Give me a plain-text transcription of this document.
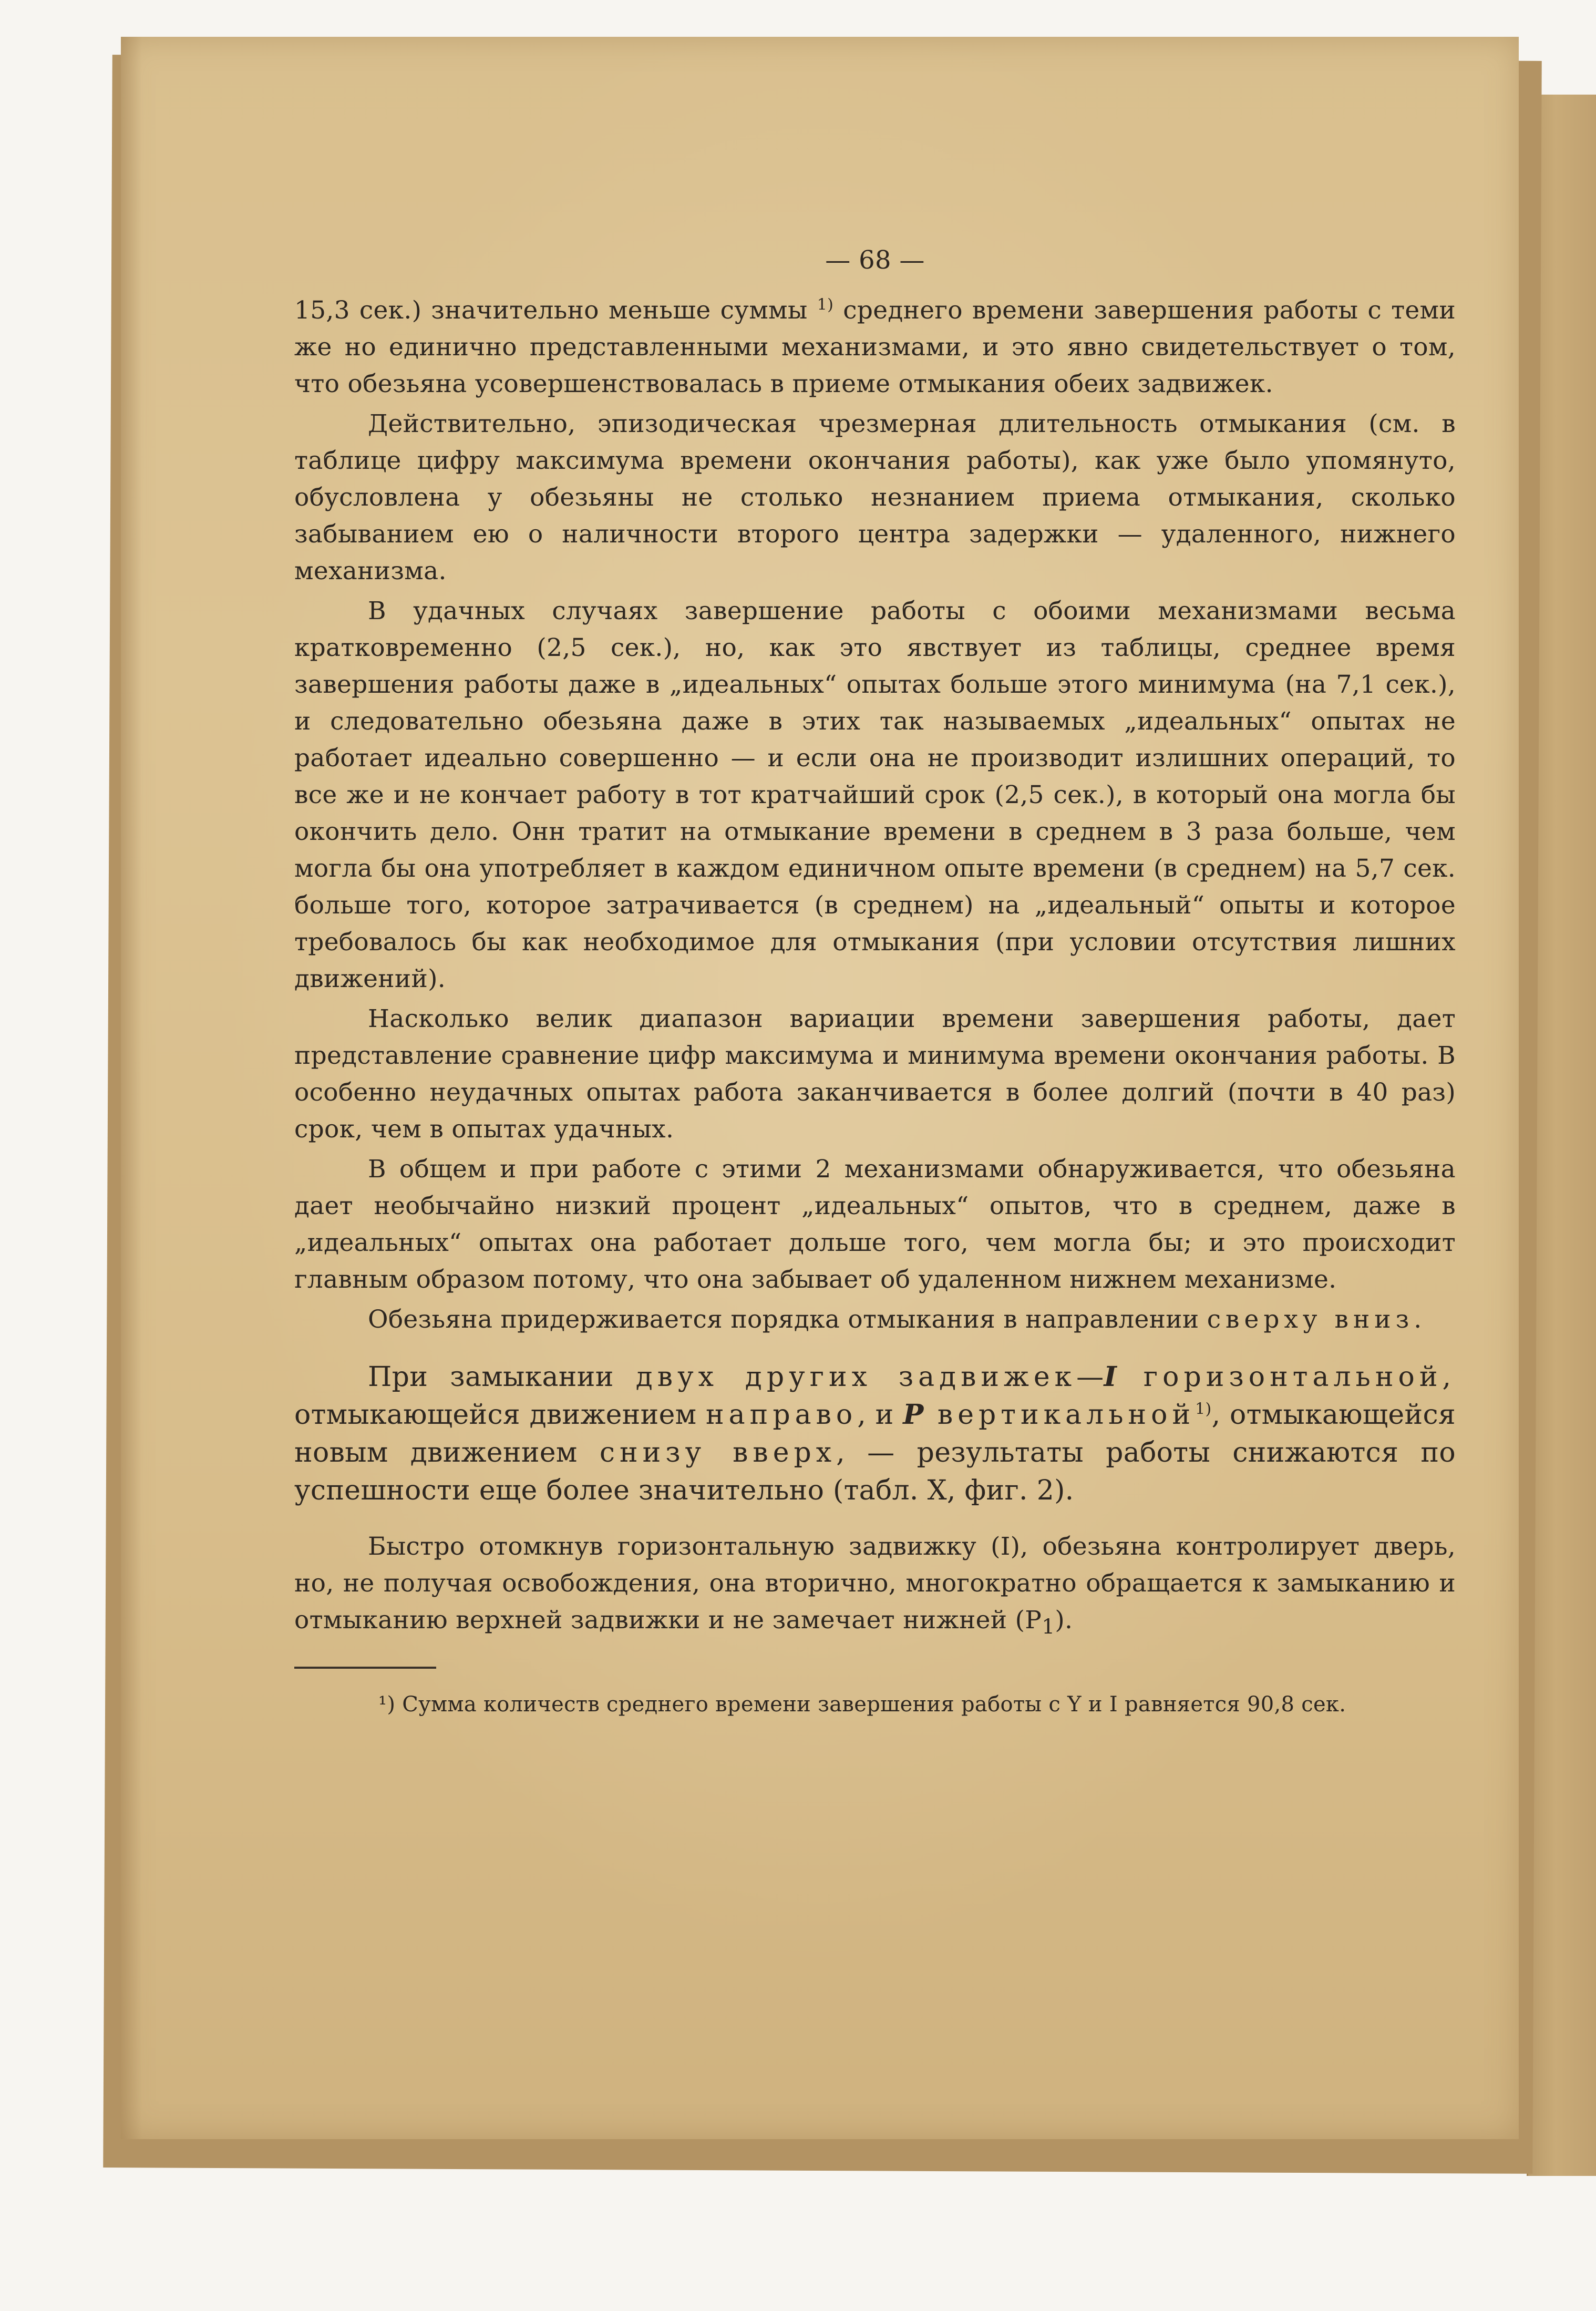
— 68 —

15,3 сек.) значительно меньше суммы $^{1)}$ среднего времени завершения работы с теми же но единично представленными механизмами, и это явно свидетельствует о том, что обезьяна усовершенствовалась в приеме отмыкания обеих задвижек.

Действительно, эпизодическая чрезмерная длительность отмыкания (см. в таблице цифру максимума времени окончания работы), как уже было упомянуто, обусловлена у обезьяны не столько незнанием приема отмыкания, сколько забыванием ею о наличности второго центра задержки — удаленного, нижнего механизма.

В удачных случаях завершение работы с обоими механизмами весьма кратковременно (2,5 сек.), но, как это явствует из таблицы, среднее время завершения работы даже в „идеальных“ опытах больше этого минимума (на 7,1 сек.), и следовательно обезьяна даже в этих так называемых „идеальных“ опытах не работает идеально совершенно — и если она не производит излишних операций, то все же и не кончает работу в тот кратчайший срок (2,5 сек.), в который она могла бы окончить дело. Онн тратит на отмыкание времени в среднем в 3 раза больше, чем могла бы она употребляет в каждом единичном опыте времени (в среднем) на 5,7 сек. больше того, которое затрачивается (в среднем) на „идеальный“ опыты и которое требовалось бы как необходимое для отмыкания (при условии отсутствия лишних движений).

Насколько велик диапазон вариации времени завершения работы, дает представление сравнение цифр максимума и минимума времени окончания работы. В особенно неудачных опытах работа заканчивается в более долгий (почти в 40 раз) срок, чем в опытах удачных.

В общем и при работе с этими 2 механизмами обнаруживается, что обезьяна дает необычайно низкий процент „идеальных“ опытов, что в среднем, даже в „идеальных“ опытах она работает дольше того, чем могла бы; и это происходит главным образом потому, что она забывает об удаленном нижнем механизме.

Обезьяна придерживается порядка отмыкания в направлении сверху вниз.

При замыкании двух других задвижек—I горизонтальной, отмыкающейся движением направо, и P вертикальной$^{1)}$, отмыкающейся новым движением снизу вверх, — результаты работы снижаются по успешности еще более значительно (табл. X, фиг. 2).

Быстро отомкнув горизонтальную задвижку (I), обезьяна контролирует дверь, но, не получая освобождения, она вторично, многократно обращается к замыканию и отмыканию верхней задвижки и не замечает нижней $(P_1)$.

¹) Сумма количеств среднего времени завершения работы с Y и I равняется 90,8 сек.
